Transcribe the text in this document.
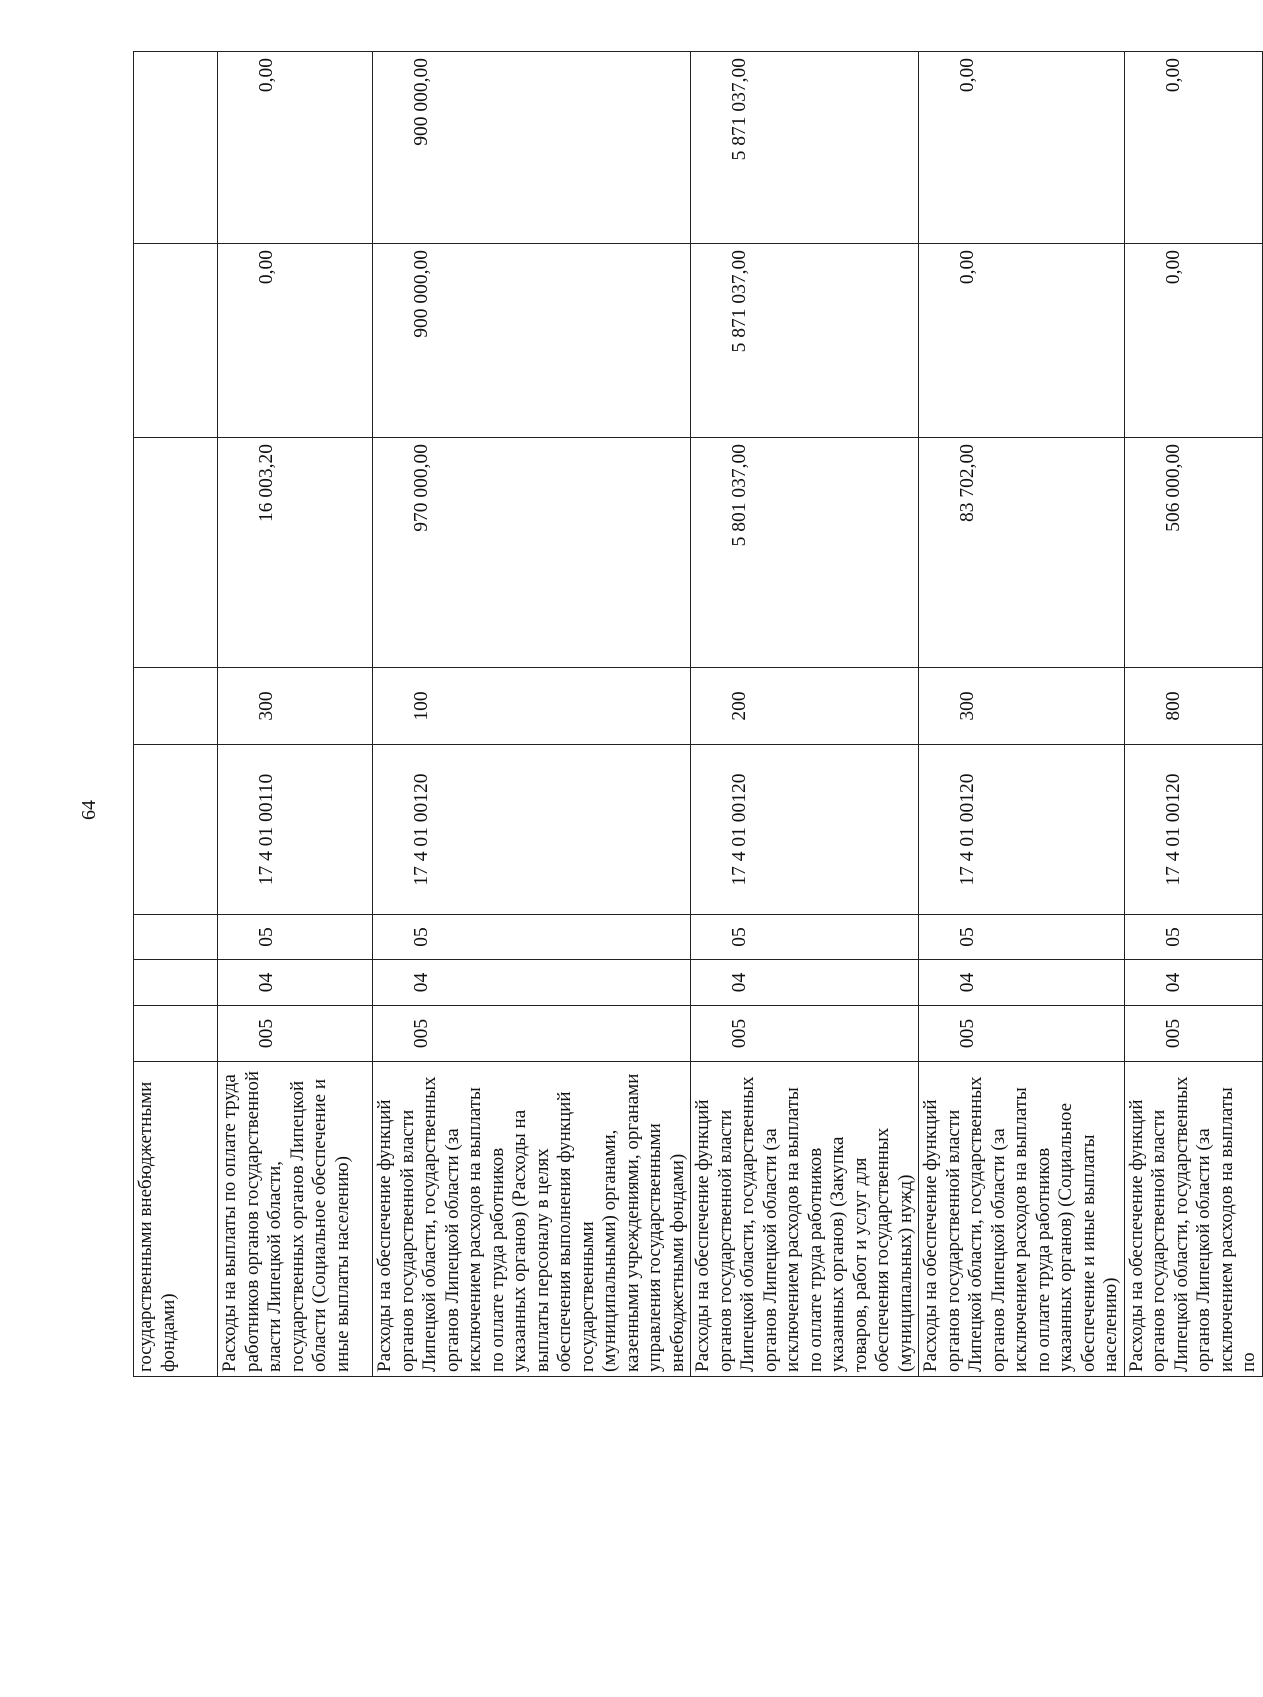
64
государственными внебюджетными фондами)								
Расходы на выплаты по оплате труда работников органов государственной власти Липецкой области, государственных органов Липецкой области (Социальное обеспечение и иные выплаты населению)	005	04	05	17 4 01 00110	300	16 003,20	0,00	0,00
Расходы на обеспечение функций органов государственной власти Липецкой области, государственных органов Липецкой области (за исключением расходов на выплаты по оплате труда работников указанных органов) (Расходы на выплаты персоналу в целях обеспечения выполнения функций государственными (муниципальными) органами, казенными учреждениями, органами управления государственными внебюджетными фондами)	005	04	05	17 4 01 00120	100	970 000,00	900 000,00	900 000,00
Расходы на обеспечение функций органов государственной власти Липецкой области, государственных органов Липецкой области (за исключением расходов на выплаты по оплате труда работников указанных органов) (Закупка товаров, работ и услуг для обеспечения государственных (муниципальных) нужд)	005	04	05	17 4 01 00120	200	5 801 037,00	5 871 037,00	5 871 037,00
Расходы на обеспечение функций органов государственной власти Липецкой области, государственных органов Липецкой области (за исключением расходов на выплаты по оплате труда работников указанных органов) (Социальное обеспечение и иные выплаты населению)	005	04	05	17 4 01 00120	300	83 702,00	0,00	0,00
Расходы на обеспечение функций органов государственной власти Липецкой области, государственных органов Липецкой области (за исключением расходов на выплаты по	005	04	05	17 4 01 00120	800	506 000,00	0,00	0,00
